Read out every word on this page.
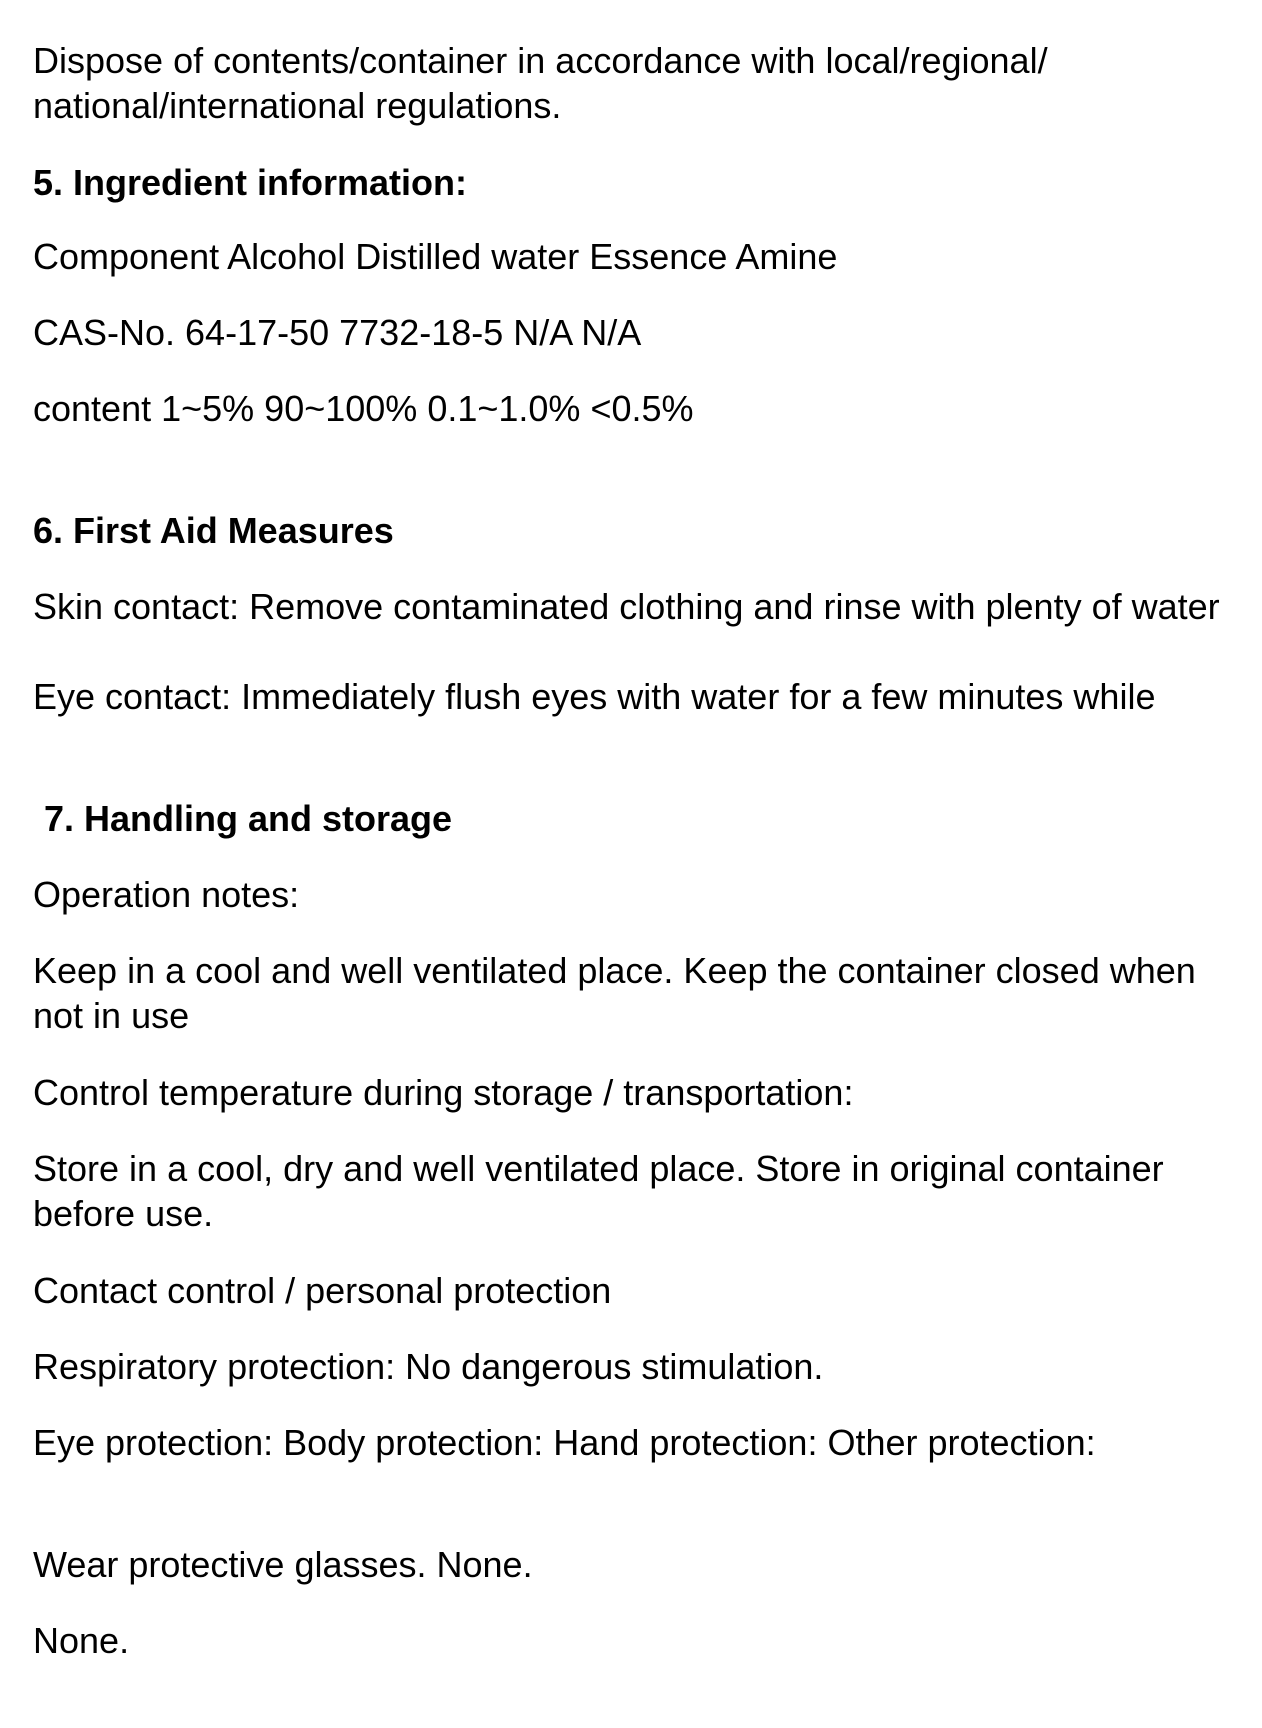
Dispose of contents/container in accordance with local/regional/ national/international regulations.

5. Ingredient information:

Component Alcohol Distilled water Essence Amine

CAS-No. 64-17-50 7732-18-5 N/A N/A

content 1~5% 90~100% 0.1~1.0% <0.5%

6. First Aid Measures

Skin contact: Remove contaminated clothing and rinse with plenty of water

Eye contact: Immediately flush eyes with water for a few minutes while

7. Handling and storage

Operation notes:

Keep in a cool and well ventilated place. Keep the container closed when not in use

Control temperature during storage / transportation:

Store in a cool, dry and well ventilated place. Store in original container before use.

Contact control / personal protection

Respiratory protection: No dangerous stimulation.

Eye protection: Body protection: Hand protection: Other protection:

Wear protective glasses. None.

None.
